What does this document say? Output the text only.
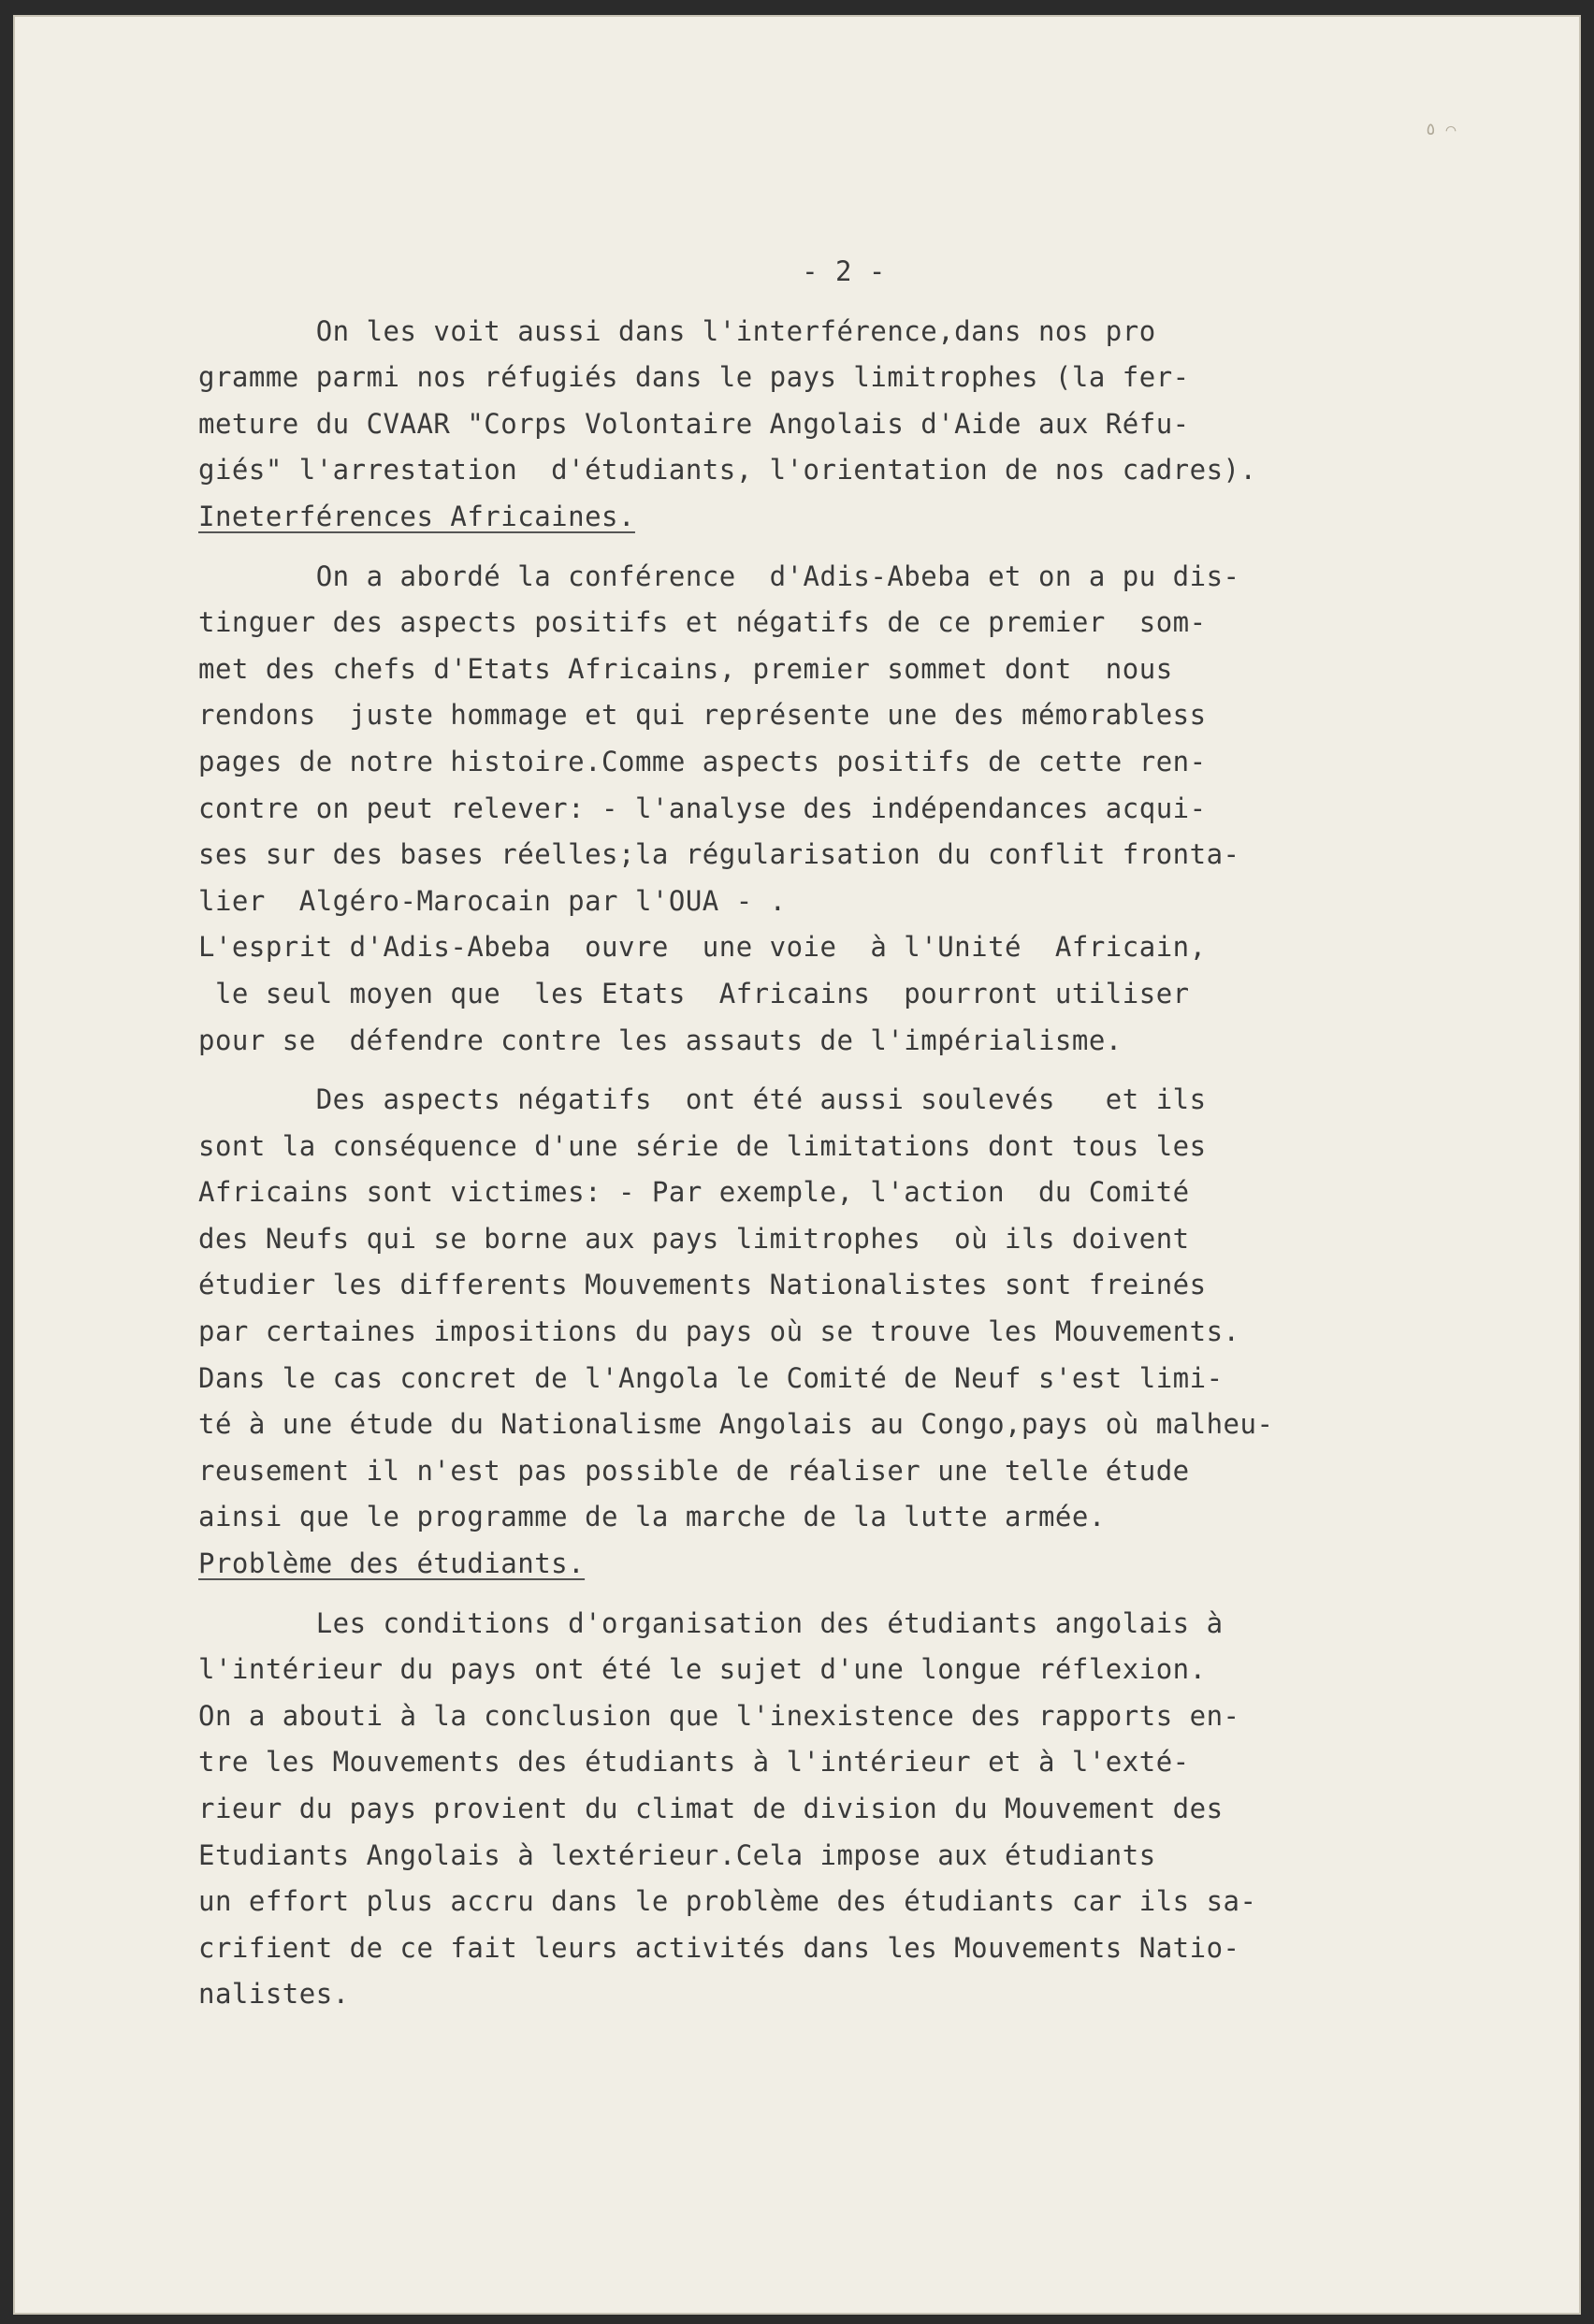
٥ ⌒
- 2 -
On les voit aussi dans l'interférence,dans nos pro
gramme parmi nos réfugiés dans le pays limitrophes (la fer-
meture du CVAAR "Corps Volontaire Angolais d'Aide aux Réfu-
giés" l'arrestation  d'étudiants, l'orientation de nos cadres).
Ineterférences Africaines.
On a abordé la conférence  d'Adis-Abeba et on a pu dis-
tinguer des aspects positifs et négatifs de ce premier  som-
met des chefs d'Etats Africains, premier sommet dont  nous
rendons  juste hommage et qui représente une des mémorabless
pages de notre histoire.Comme aspects positifs de cette ren-
contre on peut relever: - l'analyse des indépendances acqui-
ses sur des bases réelles;la régularisation du conflit fronta-
lier  Algéro-Marocain par l'OUA - .
L'esprit d'Adis-Abeba  ouvre  une voie  à l'Unité  Africain,
le seul moyen que  les Etats  Africains  pourront utiliser
pour se  défendre contre les assauts de l'impérialisme.
Des aspects négatifs  ont été aussi soulevés   et ils
sont la conséquence d'une série de limitations dont tous les
Africains sont victimes: - Par exemple, l'action  du Comité
des Neufs qui se borne aux pays limitrophes  où ils doivent
étudier les differents Mouvements Nationalistes sont freinés
par certaines impositions du pays où se trouve les Mouvements.
Dans le cas concret de l'Angola le Comité de Neuf s'est limi-
té à une étude du Nationalisme Angolais au Congo,pays où malheu-
reusement il n'est pas possible de réaliser une telle étude
ainsi que le programme de la marche de la lutte armée.
Problème des étudiants.
Les conditions d'organisation des étudiants angolais à
l'intérieur du pays ont été le sujet d'une longue réflexion.
On a abouti à la conclusion que l'inexistence des rapports en-
tre les Mouvements des étudiants à l'intérieur et à l'exté-
rieur du pays provient du climat de division du Mouvement des
Etudiants Angolais à lextérieur.Cela impose aux étudiants
un effort plus accru dans le problème des étudiants car ils sa-
crifient de ce fait leurs activités dans les Mouvements Natio-
nalistes.
